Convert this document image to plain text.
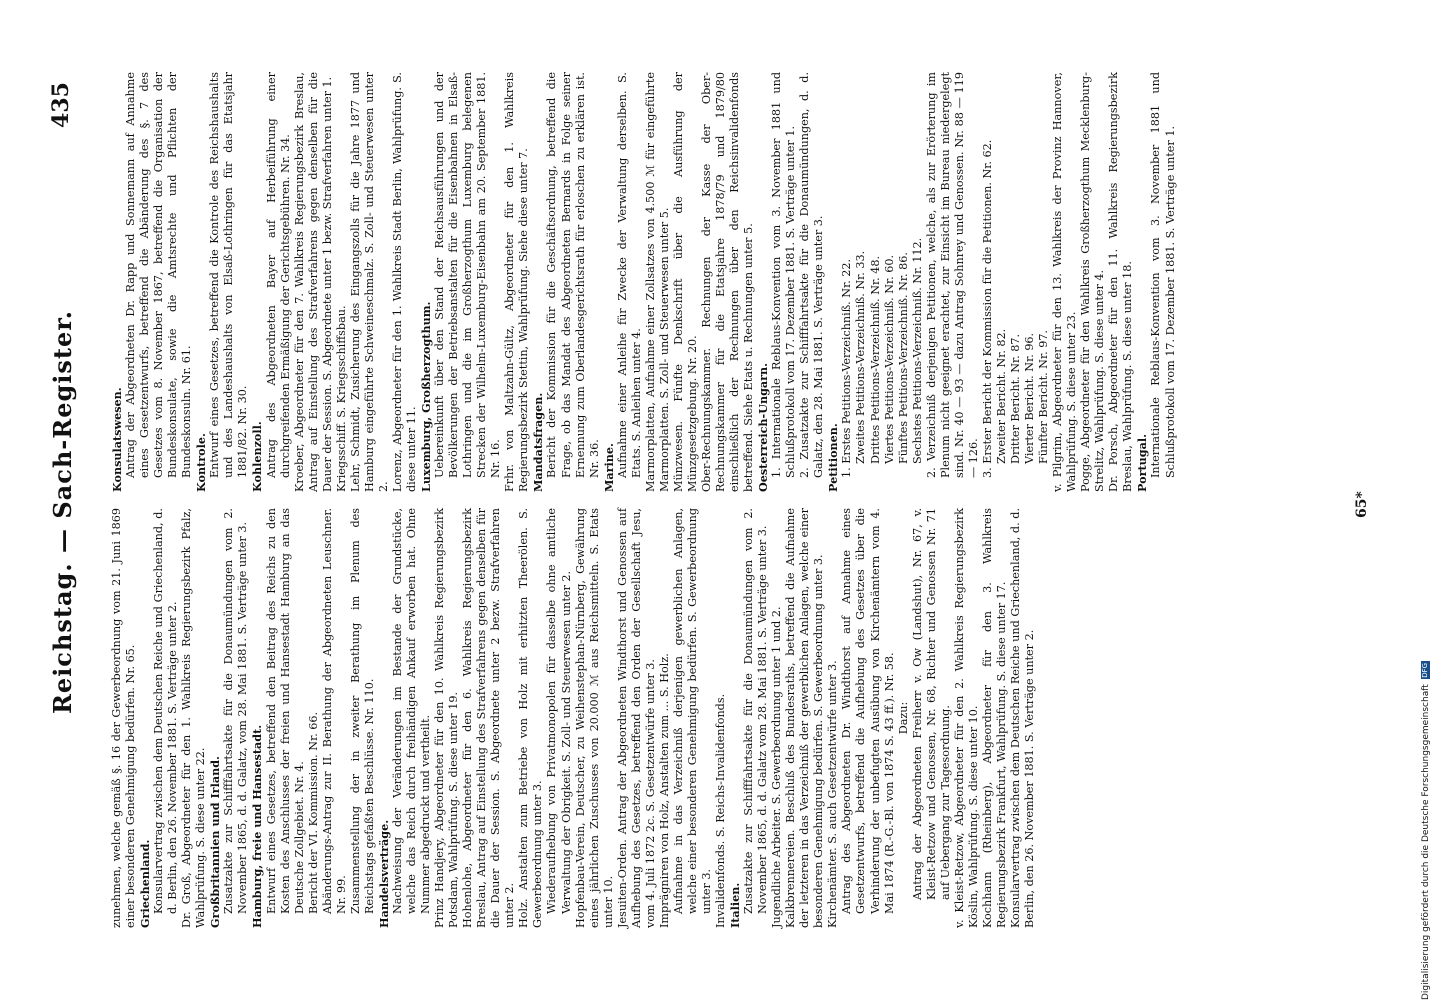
Reichstag. — Sach-Register.
435

zunehmen, welche gemäß §. 16 der Gewerbeordnung vom 21. Juni 1869 einer besonderen Genehmigung bedürfen. Nr. 65. Griechenland. Konsularvertrag zwischen dem Deutschen Reiche und Griechenland, d. d. Berlin, den 26. November 1881. S. Verträge unter 2. Dr. Groß, Abgeordneter für den 1. Wahlkreis Regierungsbezirk Pfalz, Wahlprüfung. S. diese unter 22. Großbritannien und Irland. Zusatzakte zur Schifffahrtsakte für die Donaumündungen vom 2. November 1865, d. d. Galatz, vom 28. Mai 1881. S. Verträge unter 3. Hamburg, freie und Hansestadt. Entwurf eines Gesetzes, betreffend den Beitrag des Reichs zu den Kosten des Anschlusses der freien und Hansestadt Hamburg an das Deutsche Zollgebiet. Nr. 4. Bericht der VI. Kommission. Nr. 66. Abänderungs-Antrag zur II. Berathung der Abgeordneten Leuschner. Nr. 99. Zusammenstellung der in zweiter Berathung im Plenum des Reichstags gefaßten Beschlüsse. Nr. 110. Handelsverträge. Nachweisung der Veränderungen im Bestande der Grundstücke, welche das Reich durch freihändigen Ankauf erworben hat. Ohne Nummer abgedruckt und vertheilt. Prinz Handjery, Abgeordneter für den 10. Wahlkreis Regierungsbezirk Potsdam, Wahlprüfung. S. diese unter 19. Hohenlohe, Abgeordneter für den 6. Wahlkreis Regierungsbezirk Breslau, Antrag auf Einstellung des Strafverfahrens gegen denselben für die Dauer der Session. S. Abgeordnete unter 2 bezw. Strafverfahren unter 2. Holz. Anstalten zum Betriebe von Holz mit erhitzten Theerölen. S. Gewerbeordnung unter 3. Wiederaufhebung von Privatmonopolen für dasselbe ohne amtliche Verwaltung der Obrigkeit. S. Zoll- und Steuerwesen unter 2. Hopfenbau-Verein, Deutscher, zu Weihenstephan-Nürnberg, Gewährung eines jährlichen Zuschusses von 20.000 ℳ aus Reichsmitteln. S. Etats unter 10. Jesuiten-Orden. Antrag der Abgeordneten Windthorst und Genossen auf Aufhebung des Gesetzes, betreffend den Orden der Gesellschaft Jesu, vom 4. Juli 1872 2c. S. Gesetzentwürfe unter 3. Imprägniren von Holz, Anstalten zum ... S. Holz. Aufnahme in das Verzeichniß derjenigen gewerblichen Anlagen, welche einer besonderen Genehmigung bedürfen. S. Gewerbeordnung unter 3. Invalidenfonds. S. Reichs-Invalidenfonds. Italien. Zusatzakte zur Schifffahrtsakte für die Donaumündungen vom 2. November 1865, d. d. Galatz vom 28. Mai 1881. S. Verträge unter 3. Jugendliche Arbeiter. S. Gewerbeordnung unter 1 und 2. Kalkbrennereien. Beschluß des Bundesraths, betreffend die Aufnahme der letzteren in das Verzeichniß der gewerblichen Anlagen, welche einer besonderen Genehmigung bedürfen. S. Gewerbeordnung unter 3. Kirchenämter. S. auch Gesetzentwürfe unter 3. Antrag des Abgeordneten Dr. Windthorst auf Annahme eines Gesetzentwurfs, betreffend die Aufhebung des Gesetzes über die Verhinderung der unbefugten Ausübung von Kirchenämtern vom 4. Mai 1874 (R.-G.-Bl. von 1874 S. 43 ff.). Nr. 58. Dazu: Antrag der Abgeordneten Freiherr v. Ow (Landshut), Nr. 67, v. Kleist-Retzow und Genossen, Nr. 68, Richter und Genossen Nr. 71 auf Uebergang zur Tagesordnung. v. Kleist-Retzow, Abgeordneter für den 2. Wahlkreis Regierungsbezirk Köslin, Wahlprüfung. S. diese unter 10. Kochhann (Rheinberg), Abgeordneter für den 3. Wahlkreis Regierungsbezirk Frankfurt, Wahlprüfung. S. diese unter 17. Konsularvertrag zwischen dem Deutschen Reiche und Griechenland, d. d. Berlin, den 26. November 1881. S. Verträge unter 2.

Konsulatswesen. Antrag der Abgeordneten Dr. Rapp und Sonnemann auf Annahme eines Gesetzentwurfs, betreffend die Abänderung des §. 7 des Gesetzes vom 8. November 1867, betreffend die Organisation der Bundeskonsulate, sowie die Amtsrechte und Pflichten der Bundeskonsuln. Nr. 61. Kontrole. Entwurf eines Gesetzes, betreffend die Kontrole des Reichshaushalts und des Landeshaushalts von Elsaß-Lothringen für das Etatsjahr 1881/82. Nr. 30. Kohlenzoll. Antrag des Abgeordneten Bayer auf Herbeiführung einer durchgreifenden Ermäßigung der Gerichtsgebühren. Nr. 34. Kroeber, Abgeordneter für den 7. Wahlkreis Regierungsbezirk Breslau, Antrag auf Einstellung des Strafverfahrens gegen denselben für die Dauer der Session. S. Abgeordnete unter 1 bezw. Strafverfahren unter 1. Kriegsschiff. S. Kriegsschiffsbau. Lehr, Schmidt, Zusicherung des Eingangszolls für die Jahre 1877 und Hamburg eingeführte Schweineschmalz. S. Zoll- und Steuerwesen unter 2. Lorenz, Abgeordneter für den 1. Wahlkreis Stadt Berlin, Wahlprüfung. S. diese unter 11. Luxemburg, Großherzogthum. Uebereinkunft über den Stand der Reichsausführungen und der Bevölkerungen der Betriebsanstalten für die Eisenbahnen in Elsaß-Lothringen und die im Großherzogthum Luxemburg belegenen Strecken der Wilhelm-Luxemburg-Eisenbahn am 20. September 1881. Nr. 16. Frhr. von Maltzahn-Gültz, Abgeordneter für den 1. Wahlkreis Regierungsbezirk Stettin, Wahlprüfung. Siehe diese unter 7. Mandatsfragen. Bericht der Kommission für die Geschäftsordnung, betreffend die Frage, ob das Mandat des Abgeordneten Bernards in Folge seiner Ernennung zum Oberlandesgerichtsrath für erloschen zu erklären ist. Nr. 36. Marine. Aufnahme einer Anleihe für Zwecke der Verwaltung derselben. S. Etats. S. Anleihen unter 4. Marmorplatten, Aufnahme einer Zollsatzes von 4.500 ℳ für eingeführte Marmorplatten. S. Zoll- und Steuerwesen unter 5. Münzwesen. Fünfte Denkschrift über die Ausführung der Münzgesetzgebung. Nr. 20. Ober-Rechnungskammer. Rechnungen der Kasse der Ober-Rechnungskammer für die Etatsjahre 1878/79 und 1879/80 einschließlich der Rechnungen über den Reichsinvalidenfonds betreffend. Siehe Etats u. Rechnungen unter 5. Oesterreich-Ungarn. 1. Internationale Reblaus-Konvention vom 3. November 1881 und Schlußprotokoll vom 17. Dezember 1881. S. Verträge unter 1. 2. Zusatzakte zur Schifffahrtsakte für die Donaumündungen, d. d. Galatz, den 28. Mai 1881. S. Verträge unter 3. Petitionen. 1. Erstes Petitions-Verzeichniß. Nr. 22. Zweites Petitions-Verzeichniß. Nr. 33. Drittes Petitions-Verzeichniß. Nr. 48. Viertes Petitions-Verzeichniß. Nr. 60. Fünftes Petitions-Verzeichniß. Nr. 86. Sechstes Petitions-Verzeichniß. Nr. 112. 2. Verzeichniß derjenigen Petitionen, welche, als zur Erörterung im Plenum nicht geeignet erachtet, zur Einsicht im Bureau niedergelegt sind. Nr. 40 — 93 — dazu Antrag Sohnrey und Genossen. Nr. 88 — 119 — 126. 3. Erster Bericht der Kommission für die Petitionen. Nr. 62. Zweiter Bericht. Nr. 82. Dritter Bericht. Nr. 87. Vierter Bericht. Nr. 96. Fünfter Bericht. Nr. 97. v. Pilgrim, Abgeordneter für den 13. Wahlkreis der Provinz Hannover, Wahlprüfung. S. diese unter 23. Pogge, Abgeordneter für den Wahlkreis Großherzogthum Mecklenburg-Strelitz, Wahlprüfung. S. diese unter 4. Dr. Porsch, Abgeordneter für den 11. Wahlkreis Regierungsbezirk Breslau, Wahlprüfung. S. diese unter 18. Portugal. Internationale Reblaus-Konvention vom 3. November 1881 und Schlußprotokoll vom 17. Dezember 1881. S. Verträge unter 1.

65*
Digitalisierung gefördert durch die Deutsche Forschungsgemeinschaft DFG
